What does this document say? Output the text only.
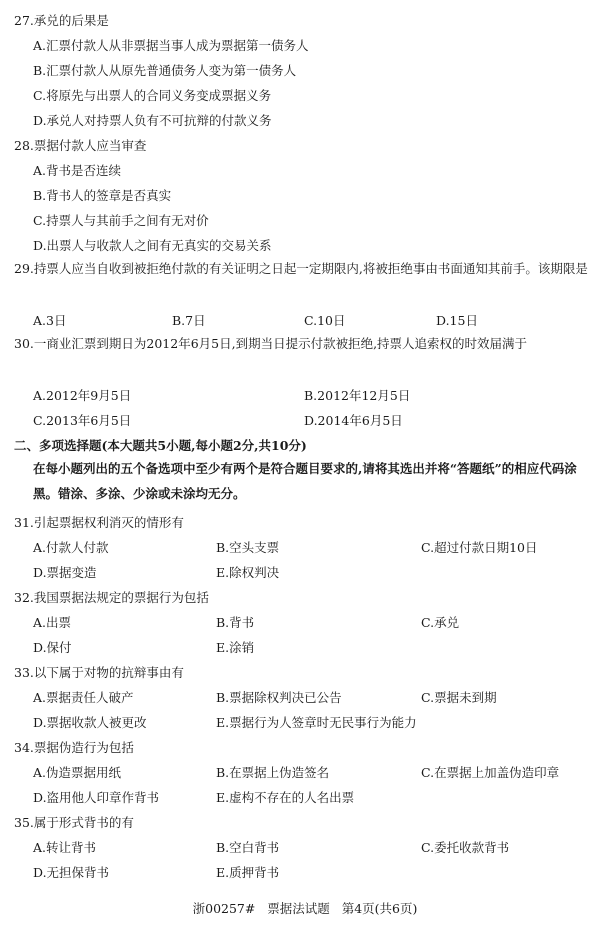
27.承兑的后果是
A.汇票付款人从非票据当事人成为票据第一债务人
B.汇票付款人从原先普通债务人变为第一债务人
C.将原先与出票人的合同义务变成票据义务
D.承兑人对持票人负有不可抗辩的付款义务
28.票据付款人应当审查
A.背书是否连续
B.背书人的签章是否真实
C.持票人与其前手之间有无对价
D.出票人与收款人之间有无真实的交易关系
29.持票人应当自收到被拒绝付款的有关证明之日起一定期限内,将被拒绝事由书面通知其前手。该期限是
A.3日	B.7日	C.10日	D.15日
30.一商业汇票到期日为2012年6月5日,到期当日提示付款被拒绝,持票人追索权的时效届满于
A.2012年9月5日	B.2012年12月5日
C.2013年6月5日	D.2014年6月5日
二、多项选择题(本大题共5小题,每小题2分,共10分)
在每小题列出的五个备选项中至少有两个是符合题目要求的,请将其选出并将“答题纸”的相应代码涂黑。错涂、多涂、少涂或未涂均无分。
31.引起票据权利消灭的情形有
A.付款人付款	B.空头支票	C.超过付款日期10日
D.票据变造	E.除权判决
32.我国票据法规定的票据行为包括
A.出票	B.背书	C.承兑
D.保付	E.涂销
33.以下属于对物的抗辩事由有
A.票据责任人破产	B.票据除权判决已公告	C.票据未到期
D.票据收款人被更改	E.票据行为人签章时无民事行为能力
34.票据伪造行为包括
A.伪造票据用纸	B.在票据上伪造签名	C.在票据上加盖伪造印章
D.盗用他人印章作背书	E.虚构不存在的人名出票
35.属于形式背书的有
A.转让背书	B.空白背书	C.委托收款背书
D.无担保背书	E.质押背书
浙00257#   票据法试题   第4页(共6页)
